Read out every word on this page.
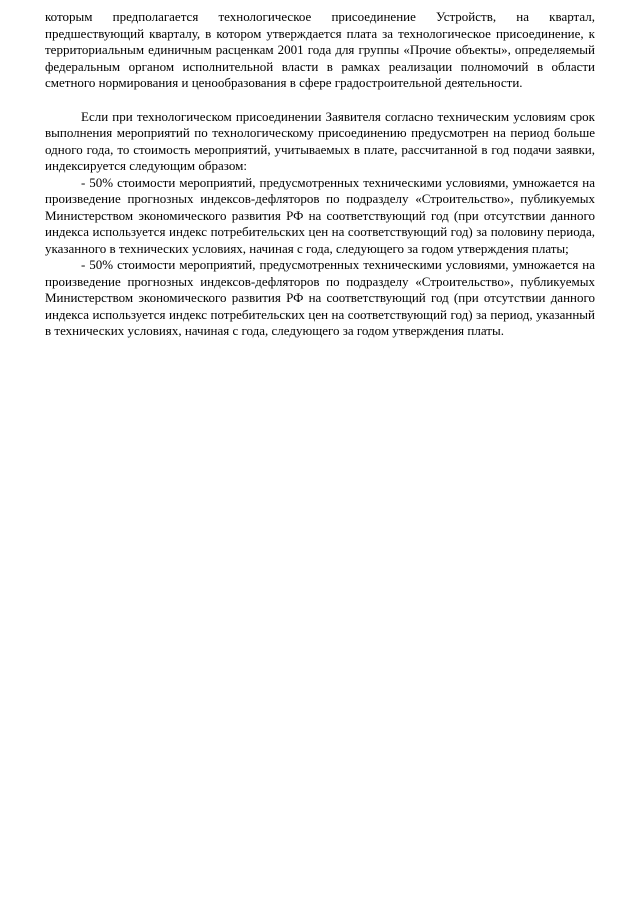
которым предполагается технологическое присоединение Устройств, на квартал, предшествующий кварталу, в котором утверждается плата за технологическое присоединение, к территориальным единичным расценкам 2001 года для группы «Прочие объекты», определяемый федеральным органом исполнительной власти в рамках реализации полномочий в области сметного нормирования и ценообразования в сфере градостроительной деятельности.

Если при технологическом присоединении Заявителя согласно техническим условиям срок выполнения мероприятий по технологическому присоединению предусмотрен на период больше одного года, то стоимость мероприятий, учитываемых в плате, рассчитанной в год подачи заявки, индексируется следующим образом:

- 50% стоимости мероприятий, предусмотренных техническими условиями, умножается на произведение прогнозных индексов-дефляторов по подразделу «Строительство», публикуемых Министерством экономического развития РФ на соответствующий год (при отсутствии данного индекса используется индекс потребительских цен на соответствующий год) за половину периода, указанного в технических условиях, начиная с года, следующего за годом утверждения платы;

- 50% стоимости мероприятий, предусмотренных техническими условиями, умножается на произведение прогнозных индексов-дефляторов по подразделу «Строительство», публикуемых Министерством экономического развития РФ на соответствующий год (при отсутствии данного индекса используется индекс потребительских цен на соответствующий год) за период, указанный в технических условиях, начиная с года, следующего за годом утверждения платы.
